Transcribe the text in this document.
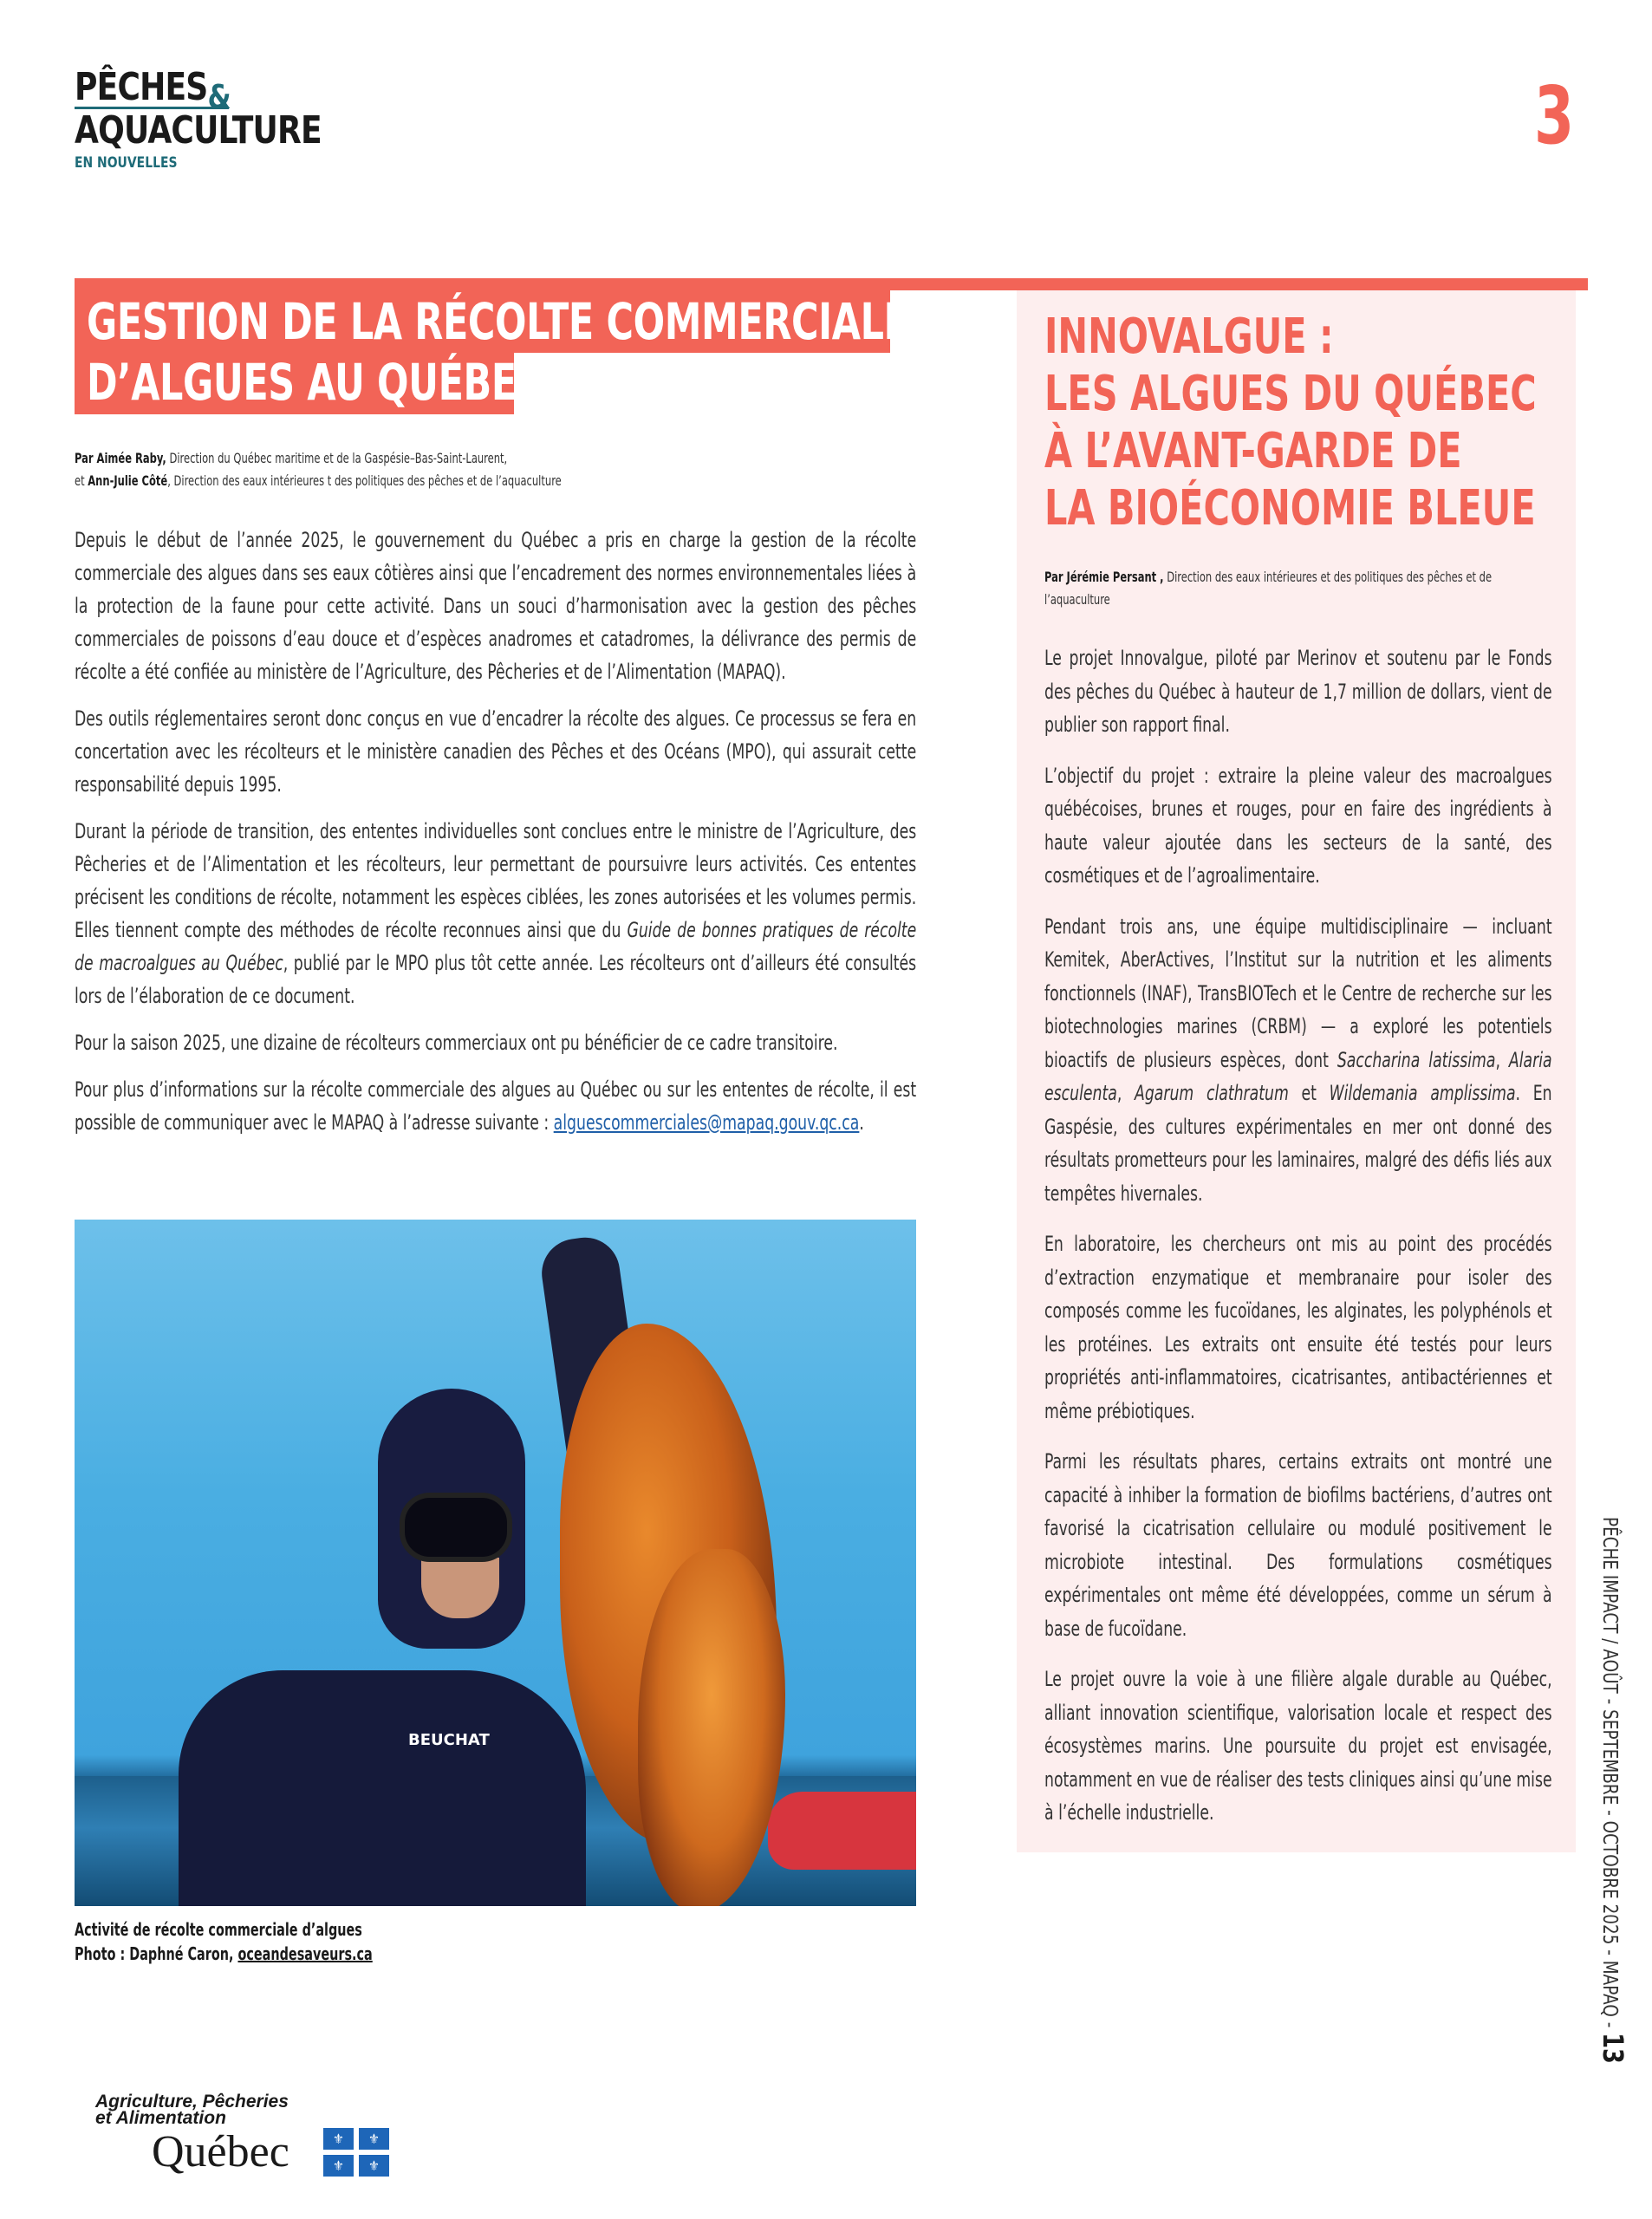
PÊCHES&
AQUACULTURE
EN NOUVELLES
3
GESTION DE LA RÉCOLTE COMMERCIALE
D’ALGUES AU QUÉBEC
Par Aimée Raby, Direction du Québec maritime et de la Gaspésie–Bas-Saint-Laurent,
et Ann-Julie Côté, Direction des eaux intérieures t des politiques des pêches et de l’aquaculture

Depuis le début de l’année 2025, le gouvernement du Québec a pris en charge la gestion de la récolte commerciale des algues dans ses eaux côtières ainsi que l’encadrement des normes environnementales liées à la protection de la faune pour cette activité. Dans un souci d’harmonisation avec la gestion des pêches commerciales de poissons d’eau douce et d’espèces anadromes et catadromes, la délivrance des permis de récolte a été confiée au ministère de l’Agriculture, des Pêcheries et de l’Alimentation (MAPAQ).

Des outils réglementaires seront donc conçus en vue d’encadrer la récolte des algues. Ce processus se fera en concertation avec les récolteurs et le ministère canadien des Pêches et des Océans (MPO), qui assurait cette responsabilité depuis 1995.

Durant la période de transition, des ententes individuelles sont conclues entre le ministre de l’Agriculture, des Pêcheries et de l’Alimentation et les récolteurs, leur permettant de poursuivre leurs activités. Ces ententes précisent les conditions de récolte, notamment les espèces ciblées, les zones autorisées et les volumes permis. Elles tiennent compte des méthodes de récolte reconnues ainsi que du Guide de bonnes pratiques de récolte de macroalgues au Québec, publié par le MPO plus tôt cette année. Les récolteurs ont d’ailleurs été consultés lors de l’élaboration de ce document.

Pour la saison 2025, une dizaine de récolteurs commerciaux ont pu bénéficier de ce cadre transitoire.

Pour plus d’informations sur la récolte commerciale des algues au Québec ou sur les ententes de récolte, il est possible de communiquer avec le MAPAQ à l’adresse suivante : alguescommerciales@mapaq.gouv.qc.ca.

BEUCHAT
Activité de récolte commerciale d’algues
Photo : Daphné Caron, oceandesaveurs.ca
Agriculture, Pêcheries
et Alimentation
Québec	⚜	⚜
⚜	⚜
INNOVALGUE :
LES ALGUES DU QUÉBEC
À L’AVANT-GARDE DE
LA BIOÉCONOMIE BLEUE
Par Jérémie Persant , Direction des eaux intérieures et des politiques des pêches et de l’aquaculture

Le projet Innovalgue, piloté par Merinov et soutenu par le Fonds des pêches du Québec à hauteur de 1,7 million de dollars, vient de publier son rapport final.

L’objectif du projet : extraire la pleine valeur des macroalgues québécoises, brunes et rouges, pour en faire des ingrédients à haute valeur ajoutée dans les secteurs de la santé, des cosmétiques et de l’agroalimentaire.

Pendant trois ans, une équipe multidisciplinaire — incluant Kemitek, AberActives, l’Institut sur la nutrition et les aliments fonctionnels (INAF), TransBIOTech et le Centre de recherche sur les biotechnologies marines (CRBM) — a exploré les potentiels bioactifs de plusieurs espèces, dont Saccharina latissima, Alaria esculenta, Agarum clathratum et Wildemania amplissima. En Gaspésie, des cultures expérimentales en mer ont donné des résultats prometteurs pour les laminaires, malgré des défis liés aux tempêtes hivernales.

En laboratoire, les chercheurs ont mis au point des procédés d’extraction enzymatique et membranaire pour isoler des composés comme les fucoïdanes, les alginates, les polyphénols et les protéines. Les extraits ont ensuite été testés pour leurs propriétés anti-inflammatoires, cicatrisantes, antibactériennes et même prébiotiques.

Parmi les résultats phares, certains extraits ont montré une capacité à inhiber la formation de biofilms bactériens, d’autres ont favorisé la cicatrisation cellulaire ou modulé positivement le microbiote intestinal. Des formulations cosmétiques expérimentales ont même été développées, comme un sérum à base de fucoïdane.

Le projet ouvre la voie à une filière algale durable au Québec, alliant innovation scientifique, valorisation locale et respect des écosystèmes marins. Une poursuite du projet est envisagée, notamment en vue de réaliser des tests cliniques ainsi qu’une mise à l’échelle industrielle.	PÊCHE IMPACT / AOÛT - SEPTEMBRE - OCTOBRE 2025 - MAPAQ - 13
